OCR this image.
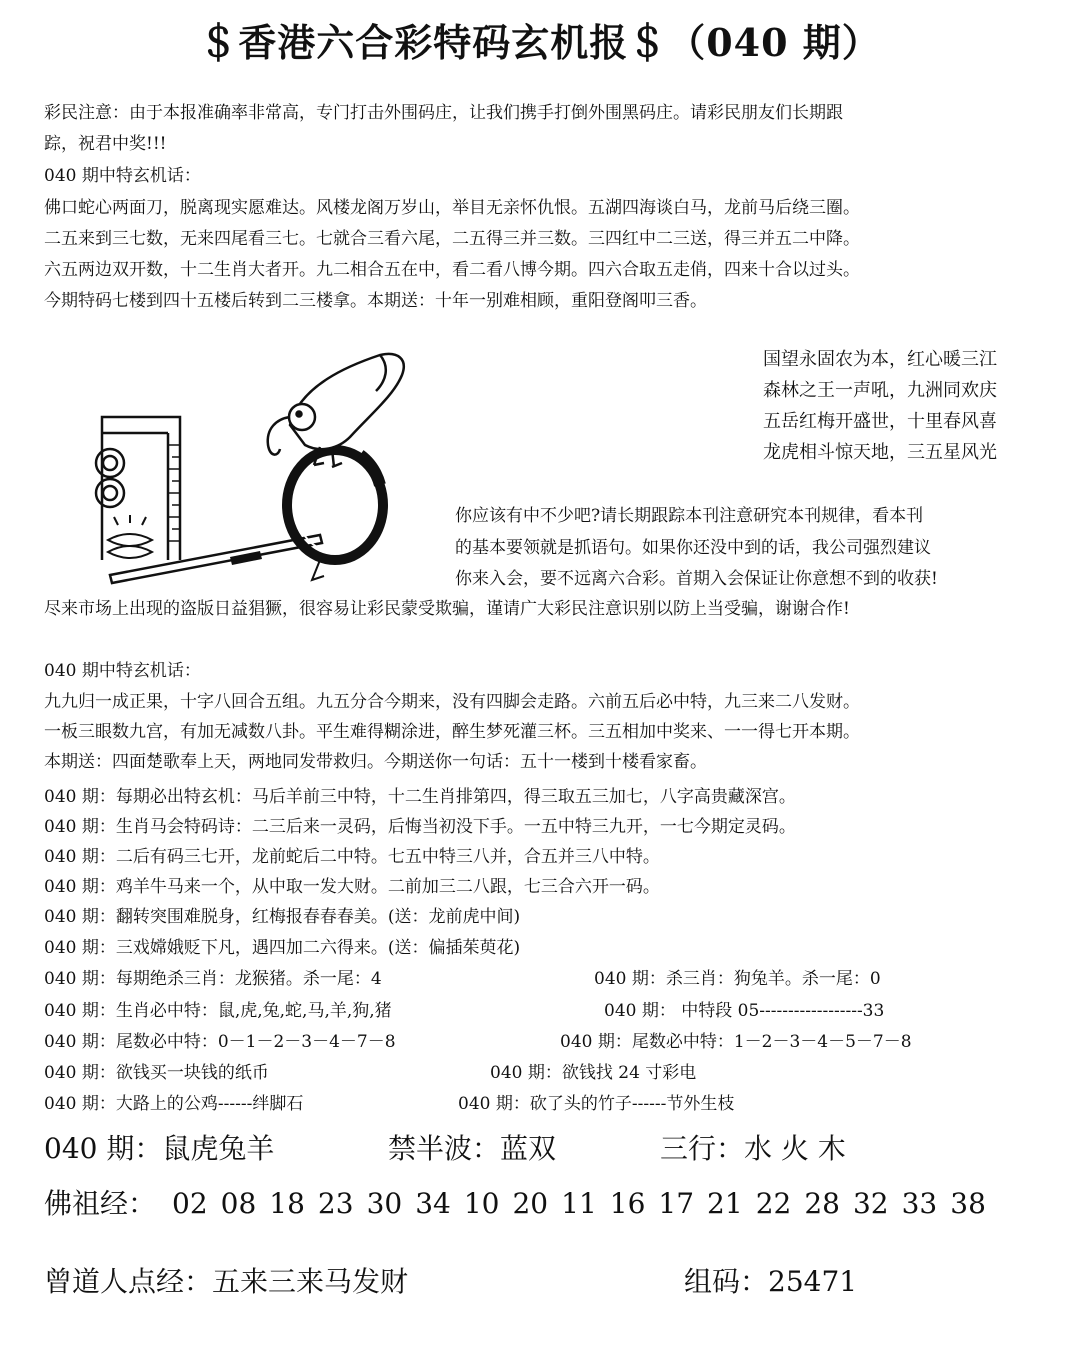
＄香港六合彩特码玄机报＄（040 期）
彩民注意：由于本报准确率非常高，专门打击外围码庄，让我们携手打倒外围黑码庄。请彩民朋友们长期跟
踪，祝君中奖!!!
040 期中特玄机话：
佛口蛇心两面刀，脱离现实愿难达。风楼龙阁万岁山，举目无亲怀仇恨。五湖四海谈白马，龙前马后绕三圈。
二五来到三七数，无来四尾看三七。七就合三看六尾，二五得三并三数。三四红中二三送，得三并五二中降。
六五两边双开数，十二生肖大者开。九二相合五在中，看二看八博今期。四六合取五走俏，四来十合以过头。
今期特码七楼到四十五楼后转到二三楼拿。本期送：十年一别难相顾，重阳登阁叩三香。
国望永固农为本，红心暖三江
森林之王一声吼，九洲同欢庆
五岳红梅开盛世，十里春风喜
龙虎相斗惊天地，三五星风光
你应该有中不少吧?请长期跟踪本刊注意研究本刊规律，看本刊
的基本要领就是抓语句。如果你还没中到的话，我公司强烈建议
你来入会，要不远离六合彩。首期入会保证让你意想不到的收获!
尽来市场上出现的盗版日益猖獗，很容易让彩民蒙受欺骗，谨请广大彩民注意识别以防上当受骗，谢谢合作!
040 期中特玄机话：
九九归一成正果，十字八回合五组。九五分合今期来，没有四脚会走路。六前五后必中特，九三来二八发财。
一板三眼数九宫，有加无减数八卦。平生难得糊涂进，醉生梦死灌三杯。三五相加中奖来、一一得七开本期。
本期送：四面楚歌奉上天，两地同发带救归。今期送你一句话：五十一楼到十楼看家畜。
040 期：每期必出特玄机：马后羊前三中特，十二生肖排第四，得三取五三加七，八字高贵藏深宫。
040 期：生肖马会特码诗：二三后来一灵码，后悔当初没下手。一五中特三九开，一七今期定灵码。
040 期：二后有码三七开，龙前蛇后二中特。七五中特三八并，合五并三八中特。
040 期：鸡羊牛马来一个，从中取一发大财。二前加三二八跟，七三合六开一码。
040 期：翻转突围难脱身，红梅报春春春美。(送：龙前虎中间)
040 期：三戏嫦娥贬下凡，遇四加二六得来。(送：偏插茱萸花)
040 期：每期绝杀三肖：龙猴猪。杀一尾：4	040 期：杀三肖：狗兔羊。杀一尾：0
040 期：生肖必中特：鼠,虎,兔,蛇,马,羊,狗,猪	040 期： 中特段 05------------------33
040 期：尾数必中特：0－1－2－3－4－7－8	040 期：尾数必中特：1－2－3－4－5－7－8
040 期：欲钱买一块钱的纸币	040 期：欲钱找 24 寸彩电
040 期：大路上的公鸡------绊脚石	040 期：砍了头的竹子------节外生枝
040 期：鼠虎兔羊	禁半波：蓝双	三行：水 火 木
佛祖经： 02 08 18 23 30 34 10 20 11 16 17 21 22 28 32 33 38
曾道人点经：五来三来马发财	组码：25471
